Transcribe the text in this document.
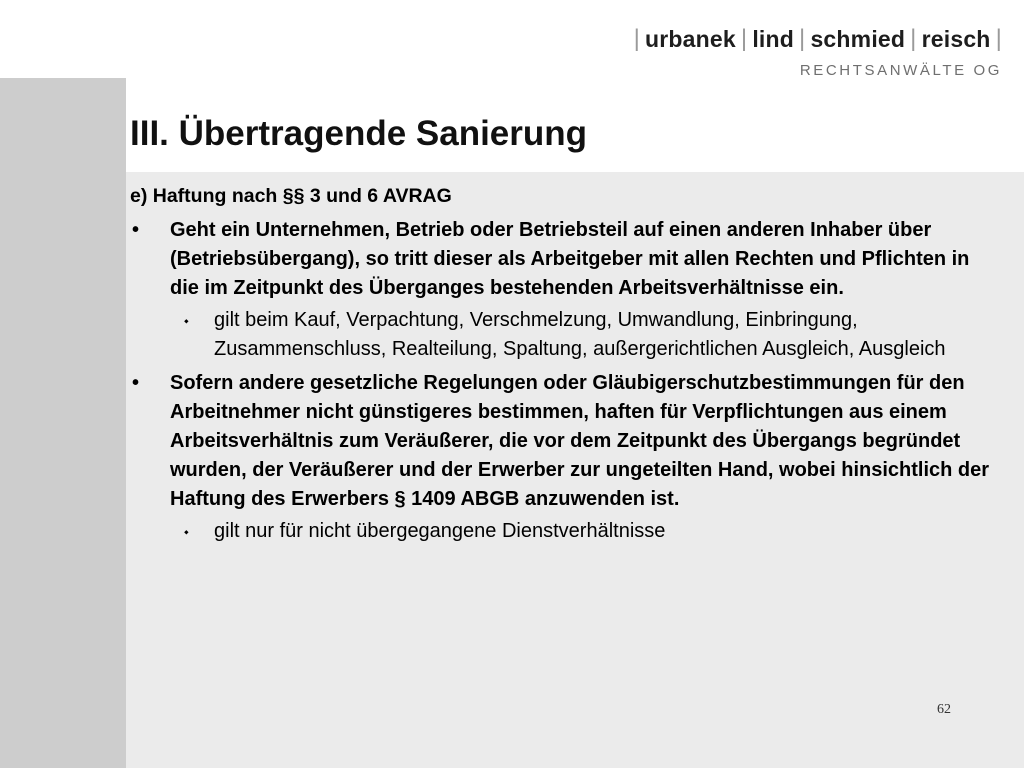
| urbanek | lind | schmied | reisch |
RECHTSANWÄLTE OG
III. Übertragende Sanierung
e) Haftung nach §§ 3 und 6 AVRAG
• Geht ein Unternehmen, Betrieb oder Betriebsteil auf einen anderen Inhaber über (Betriebsübergang), so tritt dieser als Arbeitgeber mit allen Rechten und Pflichten in die im Zeitpunkt des Überganges bestehenden Arbeitsverhältnisse ein.
⬩ gilt beim Kauf, Verpachtung, Verschmelzung, Umwandlung, Einbringung, Zusammenschluss, Realteilung, Spaltung, außergerichtlichen Ausgleich, Ausgleich
• Sofern andere gesetzliche Regelungen oder Gläubigerschutzbestimmungen für den Arbeitnehmer nicht günstigeres bestimmen, haften für Verpflichtungen aus einem Arbeitsverhältnis zum Veräußerer, die vor dem Zeitpunkt des Übergangs begründet wurden, der Veräußerer und der Erwerber zur ungeteilten Hand, wobei hinsichtlich der Haftung des Erwerbers § 1409 ABGB anzuwenden ist.
⬩ gilt nur für nicht übergegangene Dienstverhältnisse
62
